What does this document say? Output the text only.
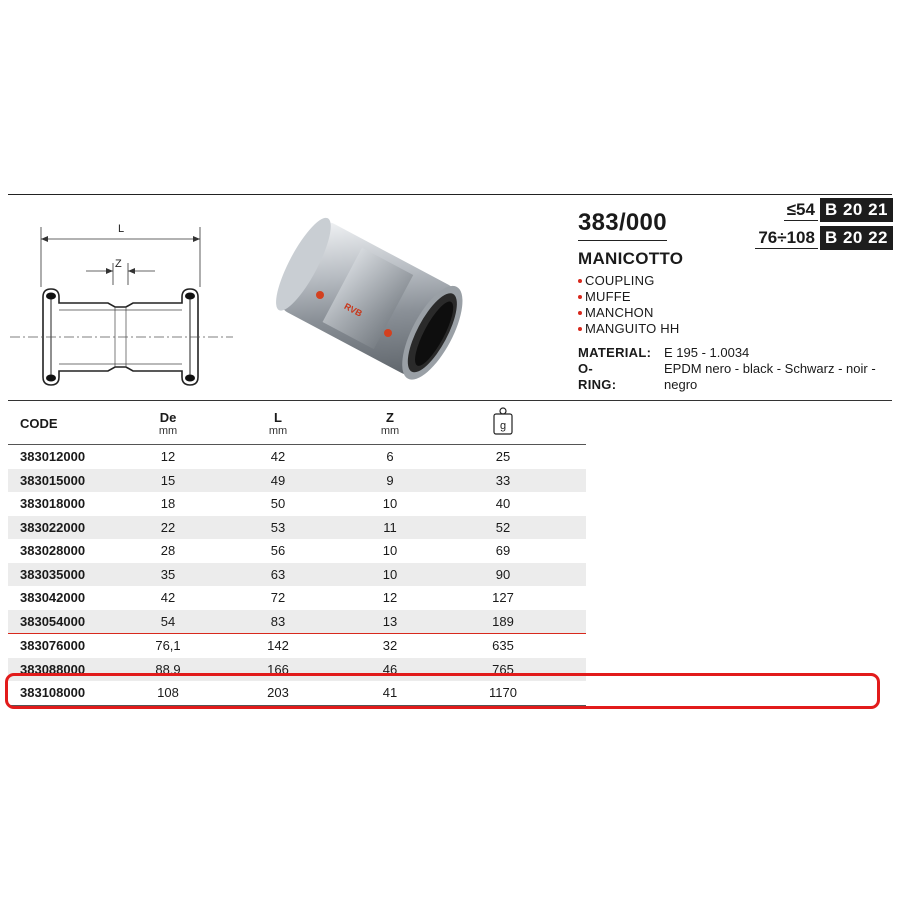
L
Z
RVB
383/000
MANICOTTO
COUPLING
MUFFE
MANCHON
MANGUITO HH
MATERIAL: E 195 - 1.0034
O-RING:
EPDM nero - black - Schwarz - noir - negro
≤54 B 20 21
76÷108 B 20 22
CODE	De
mm
L
mm
Z
mm	g
383012000	12	42	6	25
383015000	15	49	9	33
383018000	18	50	10	40
383022000	22	53	11	52
383028000	28	56	10	69
383035000	35	63	10	90
383042000	42	72	12	127
383054000	54	83	13	189
383076000	76,1	142	32	635
383088000	88,9	166	46	765
383108000	108	203	41	1170
